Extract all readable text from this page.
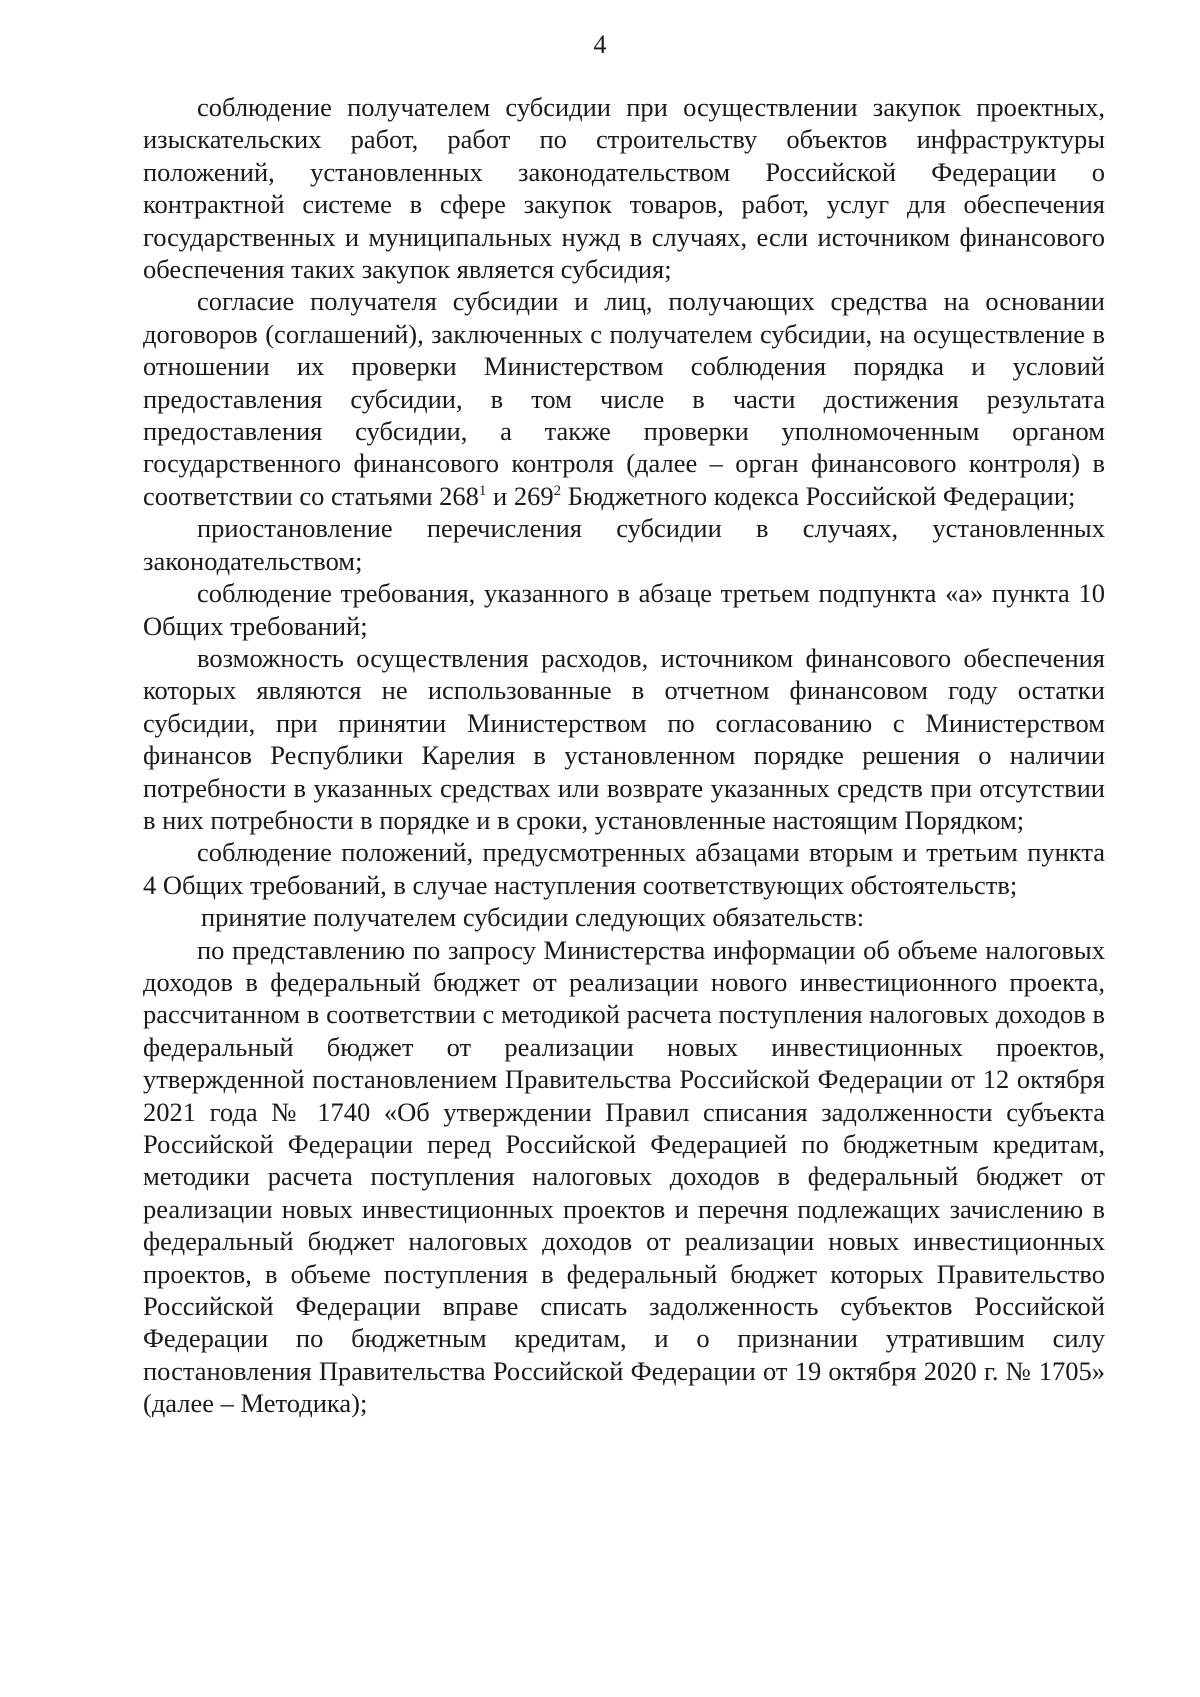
4

соблюдение получателем субсидии при осуществлении закупок проектных, изыскательских работ, работ по строительству объектов инфраструктуры положений, установленных законодательством Российской Федерации о контрактной системе в сфере закупок товаров, работ, услуг для обеспечения государственных и муниципальных нужд в случаях, если источником финансового обеспечения таких закупок является субсидия;

согласие получателя субсидии и лиц, получающих средства на основании договоров (соглашений), заключенных с получателем субсидии, на осуществление в отношении их проверки Министерством соблюдения порядка и условий предоставления субсидии, в том числе в части достижения результата предоставления субсидии, а также проверки уполномоченным органом государственного финансового контроля (далее – орган финансового контроля) в соответствии со статьями $268^1$ и $269^2$ Бюджетного кодекса Российской Федерации;

приостановление перечисления субсидии в случаях, установленных законодательством;

соблюдение требования, указанного в абзаце третьем подпункта «а» пункта 10 Общих требований;

возможность осуществления расходов, источником финансового обеспечения которых являются не использованные в отчетном финансовом году остатки субсидии, при принятии Министерством по согласованию с Министерством финансов Республики Карелия в установленном порядке решения о наличии потребности в указанных средствах или возврате указанных средств при отсутствии в них потребности в порядке и в сроки, установленные настоящим Порядком;

соблюдение положений, предусмотренных абзацами вторым и третьим пункта 4 Общих требований, в случае наступления соответствующих обстоятельств;

принятие получателем субсидии следующих обязательств:

по представлению по запросу Министерства информации об объеме налоговых доходов в федеральный бюджет от реализации нового инвестиционного проекта, рассчитанном в соответствии с методикой расчета поступления налоговых доходов в федеральный бюджет от реализации новых инвестиционных проектов, утвержденной постановлением Правительства Российской Федерации от 12 октября 2021 года № 1740 «Об утверждении Правил списания задолженности субъекта Российской Федерации перед Российской Федерацией по бюджетным кредитам, методики расчета поступления налоговых доходов в федеральный бюджет от реализации новых инвестиционных проектов и перечня подлежащих зачислению в федеральный бюджет налоговых доходов от реализации новых инвестиционных проектов, в объеме поступления в федеральный бюджет которых Правительство Российской Федерации вправе списать задолженность субъектов Российской Федерации по бюджетным кредитам, и о признании утратившим силу постановления Правительства Российской Федерации от 19 октября 2020 г. № 1705» (далее – Методика);
